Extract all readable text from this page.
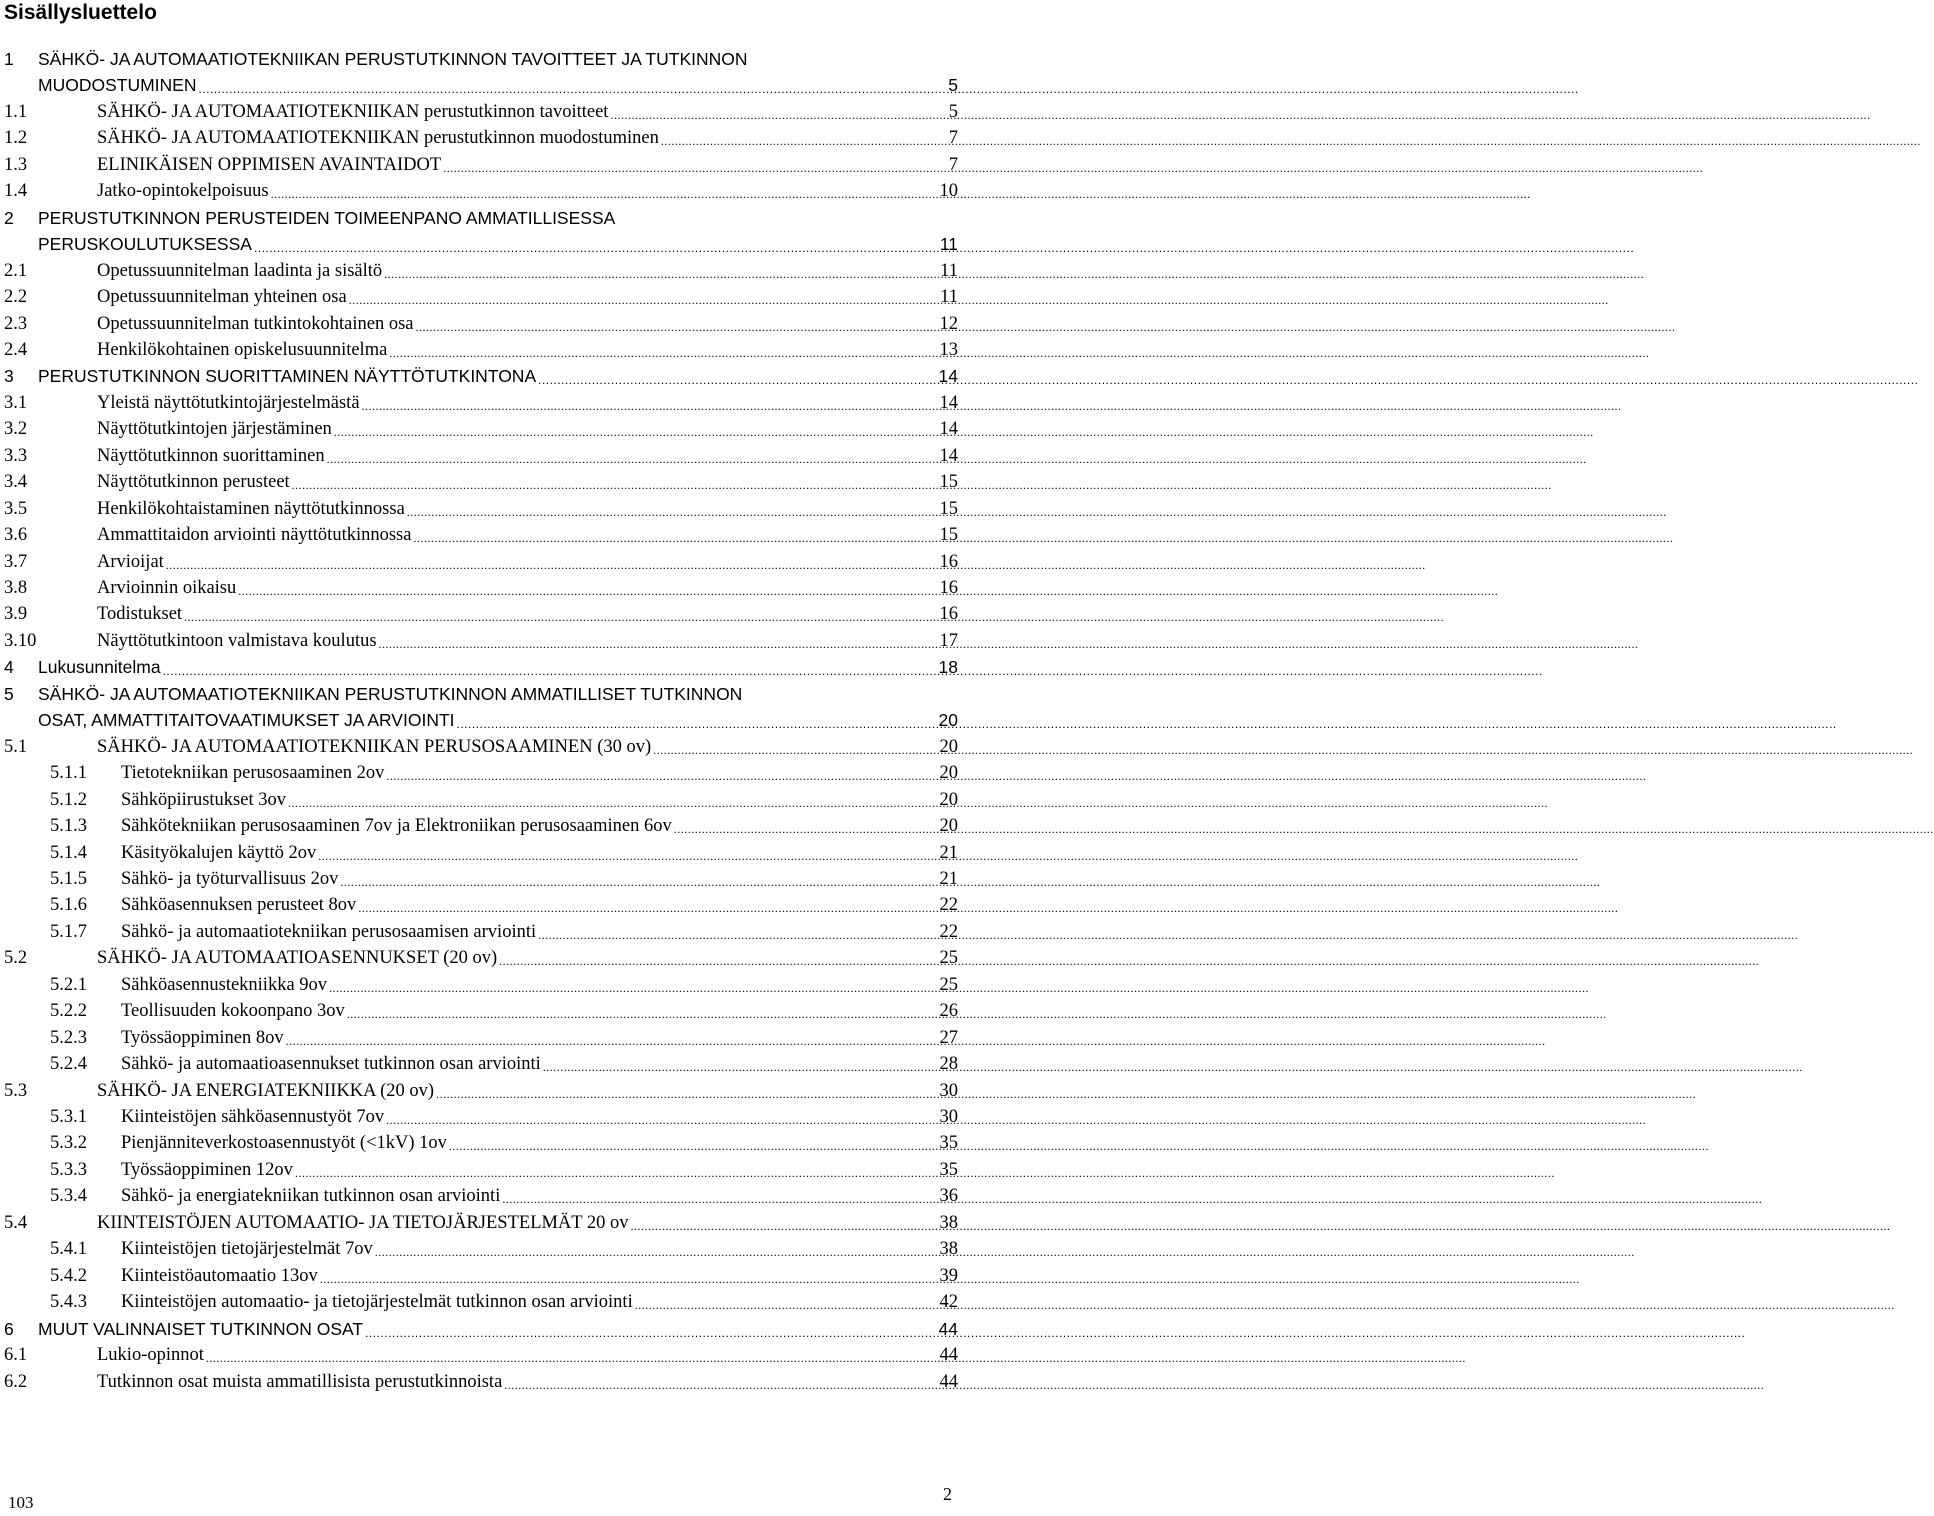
Sisällysluettelo
1 SÄHKÖ- JA AUTOMAATIOTEKNIIKAN PERUSTUTKINNON TAVOITTEET JA TUTKINNON
MUODOSTUMINEN .....	5
1.1	SÄHKÖ- JA AUTOMAATIOTEKNIIKAN perustutkinnon tavoitteet .....	5
1.2	SÄHKÖ- JA AUTOMAATIOTEKNIIKAN perustutkinnon muodostuminen .....	7
1.3	ELINIKÄISEN OPPIMISEN AVAINTAIDOT .....	7
1.4	Jatko-opintokelpoisuus .....	10
2 PERUSTUTKINNON PERUSTEIDEN TOIMEENPANO AMMATILLISESSA
PERUSKOULUTUKSESSA .....	11
2.1	Opetussuunnitelman laadinta ja sisältö .....	11
2.2	Opetussuunnitelman yhteinen osa .....	11
2.3	Opetussuunnitelman tutkintokohtainen osa .....	12
2.4	Henkilökohtainen opiskelusuunnitelma .....	13
3	PERUSTUTKINNON SUORITTAMINEN NÄYTTÖTUTKINTONA .....	14
3.1	Yleistä näyttötutkintojärjestelmästä .....	14
3.2	Näyttötutkintojen järjestäminen .....	14
3.3	Näyttötutkinnon suorittaminen .....	14
3.4	Näyttötutkinnon perusteet .....	15
3.5	Henkilökohtaistaminen näyttötutkinnossa .....	15
3.6	Ammattitaidon arviointi näyttötutkinnossa .....	15
3.7	Arvioijat .....	16
3.8	Arvioinnin oikaisu .....	16
3.9	Todistukset .....	16
3.10	Näyttötutkintoon valmistava koulutus .....	17
4	Lukusunnitelma .....	18
5 SÄHKÖ- JA AUTOMAATIOTEKNIIKAN PERUSTUTKINNON AMMATILLISET TUTKINNON
OSAT, AMMATTITAITOVAATIMUKSET JA ARVIOINTI .....	20
5.1	SÄHKÖ- JA AUTOMAATIOTEKNIIKAN PERUSOSAAMINEN (30 ov) .....	20
5.1.1	Tietotekniikan perusosaaminen 2ov .....	20
5.1.2	Sähköpiirustukset 3ov .....	20
5.1.3	Sähkötekniikan perusosaaminen 7ov ja Elektroniikan perusosaaminen 6ov .....	20
5.1.4	Käsityökalujen käyttö 2ov .....	21
5.1.5	Sähkö- ja työturvallisuus 2ov .....	21
5.1.6	Sähköasennuksen perusteet 8ov .....	22
5.1.7	Sähkö- ja automaatiotekniikan perusosaamisen arviointi .....	22
5.2	SÄHKÖ- JA AUTOMAATIOASENNUKSET (20 ov) .....	25
5.2.1	Sähköasennustekniikka 9ov .....	25
5.2.2	Teollisuuden kokoonpano 3ov .....	26
5.2.3	Työssäoppiminen 8ov .....	27
5.2.4	Sähkö- ja automaatioasennukset tutkinnon osan arviointi .....	28
5.3	SÄHKÖ- JA ENERGIATEKNIIKKA (20 ov) .....	30
5.3.1	Kiinteistöjen sähköasennustyöt 7ov .....	30
5.3.2	Pienjänniteverkostoasennustyöt (<1kV) 1ov .....	35
5.3.3	Työssäoppiminen 12ov .....	35
5.3.4	Sähkö- ja energiatekniikan tutkinnon osan arviointi .....	36
5.4	KIINTEISTÖJEN AUTOMAATIO- JA TIETOJÄRJESTELMÄT 20 ov .....	38
5.4.1	Kiinteistöjen tietojärjestelmät 7ov .....	38
5.4.2	Kiinteistöautomaatio 13ov .....	39
5.4.3	Kiinteistöjen automaatio- ja tietojärjestelmät tutkinnon osan arviointi .....	42
6	MUUT VALINNAISET TUTKINNON OSAT .....	44
6.1	Lukio-opinnot .....	44
6.2	Tutkinnon osat muista ammatillisista perustutkinnoista .....	44
103	2
